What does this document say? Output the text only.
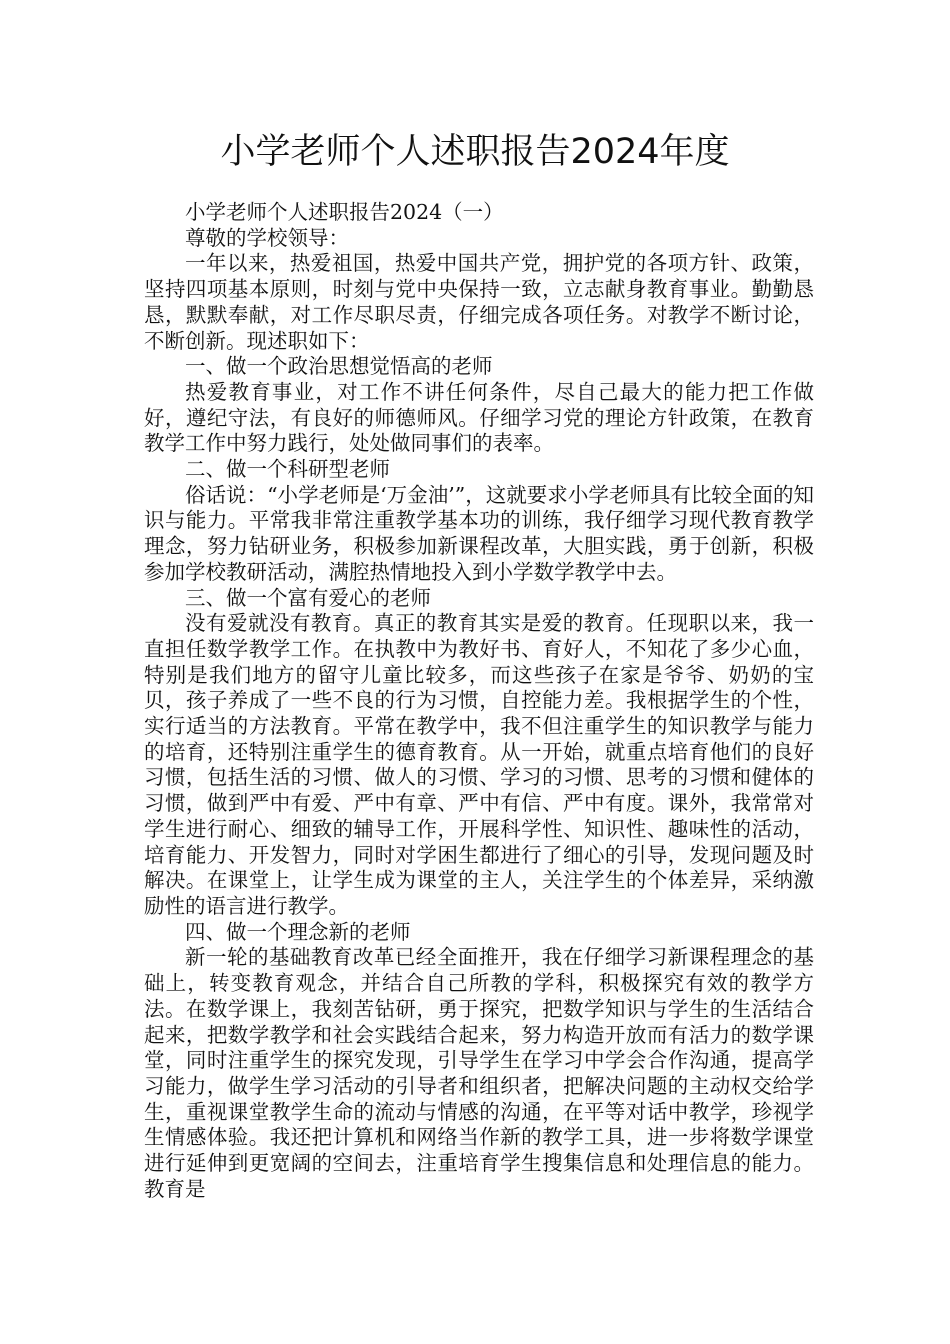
小学老师个人述职报告2024年度

小学老师个人述职报告2024（一）

尊敬的学校领导：

一年以来，热爱祖国，热爱中国共产党，拥护党的各项方针、政策，坚持四项基本原则，时刻与党中央保持一致，立志献身教育事业。勤勤恳恳，默默奉献，对工作尽职尽责，仔细完成各项任务。对教学不断讨论，不断创新。现述职如下：

一、做一个政治思想觉悟高的老师

热爱教育事业，对工作不讲任何条件，尽自己最大的能力把工作做好，遵纪守法，有良好的师德师风。仔细学习党的理论方针政策，在教育教学工作中努力践行，处处做同事们的表率。

二、做一个科研型老师

俗话说：“小学老师是‘万金油’”，这就要求小学老师具有比较全面的知识与能力。平常我非常注重教学基本功的训练，我仔细学习现代教育教学理念，努力钻研业务，积极参加新课程改革，大胆实践，勇于创新，积极参加学校教研活动，满腔热情地投入到小学数学教学中去。

三、做一个富有爱心的老师

没有爱就没有教育。真正的教育其实是爱的教育。任现职以来，我一直担任数学教学工作。在执教中为教好书、育好人，不知花了多少心血，特别是我们地方的留守儿童比较多，而这些孩子在家是爷爷、奶奶的宝贝，孩子养成了一些不良的行为习惯，自控能力差。我根据学生的个性，实行适当的方法教育。平常在教学中，我不但注重学生的知识教学与能力的培育，还特别注重学生的德育教育。从一开始，就重点培育他们的良好习惯，包括生活的习惯、做人的习惯、学习的习惯、思考的习惯和健体的习惯，做到严中有爱、严中有章、严中有信、严中有度。课外，我常常对学生进行耐心、细致的辅导工作，开展科学性、知识性、趣味性的活动，培育能力、开发智力，同时对学困生都进行了细心的引导，发现问题及时解决。在课堂上，让学生成为课堂的主人，关注学生的个体差异，采纳激励性的语言进行教学。

四、做一个理念新的老师

新一轮的基础教育改革已经全面推开，我在仔细学习新课程理念的基础上，转变教育观念，并结合自己所教的学科，积极探究有效的教学方法。在数学课上，我刻苦钻研，勇于探究，把数学知识与学生的生活结合起来，把数学教学和社会实践结合起来，努力构造开放而有活力的数学课堂，同时注重学生的探究发现，引导学生在学习中学会合作沟通，提高学习能力，做学生学习活动的引导者和组织者，把解决问题的主动权交给学生，重视课堂教学生命的流动与情感的沟通，在平等对话中教学，珍视学生情感体验。我还把计算机和网络当作新的教学工具，进一步将数学课堂进行延伸到更宽阔的空间去，注重培育学生搜集信息和处理信息的能力。教育是
